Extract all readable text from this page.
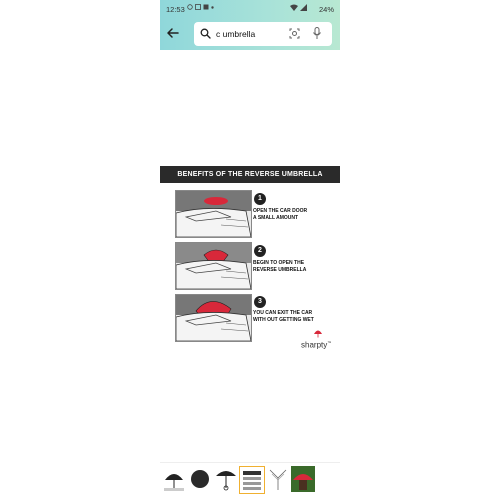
12:53	24%
c umbrella
BENEFITS OF THE REVERSE UMBRELLA
1
OPEN THE CAR DOOR
A SMALL AMOUNT
2
BEGIN TO OPEN THE
REVERSE UMBRELLA
3
YOU CAN EXIT THE CAR
WITH OUT GETTING WET
sharpty™
